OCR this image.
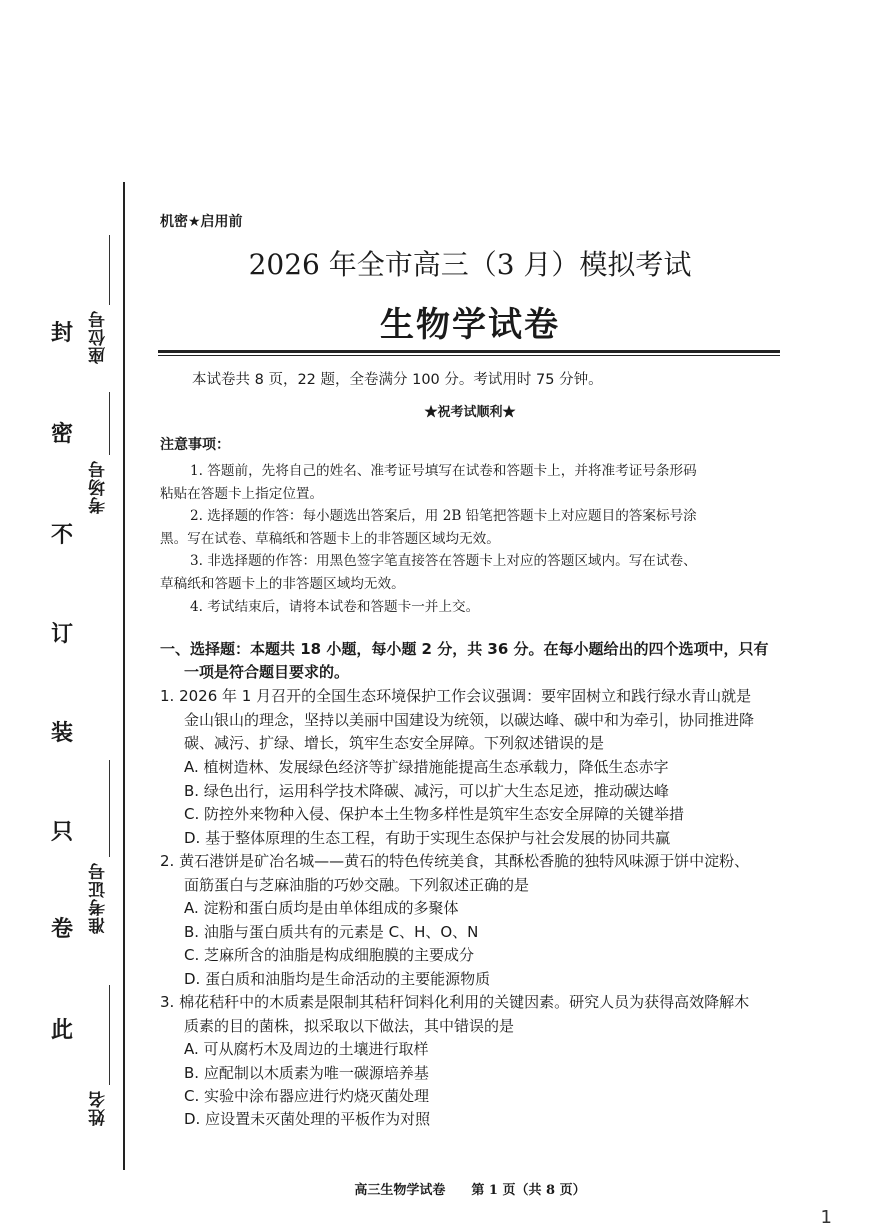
封
密
不
订
装
只
卷
此
座位号
考场号
准考证号
姓名
机密★启用前
2026 年全市高三（3 月）模拟考试
生物学试卷
本试卷共 8 页，22 题，全卷满分 100 分。考试用时 75 分钟。
★祝考试顺利★
注意事项：
1. 答题前，先将自己的姓名、准考证号填写在试卷和答题卡上，并将准考证号条形码
粘贴在答题卡上指定位置。
2. 选择题的作答：每小题选出答案后，用 2B 铅笔把答题卡上对应题目的答案标号涂
黑。写在试卷、草稿纸和答题卡上的非答题区域均无效。
3. 非选择题的作答：用黑色签字笔直接答在答题卡上对应的答题区域内。写在试卷、
草稿纸和答题卡上的非答题区域均无效。
4. 考试结束后，请将本试卷和答题卡一并上交。
一、选择题：本题共 18 小题，每小题 2 分，共 36 分。在每小题给出的四个选项中，只有
一项是符合题目要求的。
1. 2026 年 1 月召开的全国生态环境保护工作会议强调：要牢固树立和践行绿水青山就是
金山银山的理念，坚持以美丽中国建设为统领，以碳达峰、碳中和为牵引，协同推进降
碳、减污、扩绿、增长，筑牢生态安全屏障。下列叙述错误的是
A. 植树造林、发展绿色经济等扩绿措施能提高生态承载力，降低生态赤字
B. 绿色出行，运用科学技术降碳、减污，可以扩大生态足迹，推动碳达峰
C. 防控外来物种入侵、保护本土生物多样性是筑牢生态安全屏障的关键举措
D. 基于整体原理的生态工程，有助于实现生态保护与社会发展的协同共赢
2. 黄石港饼是矿冶名城——黄石的特色传统美食，其酥松香脆的独特风味源于饼中淀粉、
面筋蛋白与芝麻油脂的巧妙交融。下列叙述正确的是
A. 淀粉和蛋白质均是由单体组成的多聚体
B. 油脂与蛋白质共有的元素是 C、H、O、N
C. 芝麻所含的油脂是构成细胞膜的主要成分
D. 蛋白质和油脂均是生命活动的主要能源物质
3. 棉花秸秆中的木质素是限制其秸秆饲料化利用的关键因素。研究人员为获得高效降解木
质素的目的菌株，拟采取以下做法，其中错误的是
A. 可从腐朽木及周边的土壤进行取样
B. 应配制以木质素为唯一碳源培养基
C. 实验中涂布器应进行灼烧灭菌处理
D. 应设置未灭菌处理的平板作为对照
高三生物学试卷　　第 1 页（共 8 页）
1
